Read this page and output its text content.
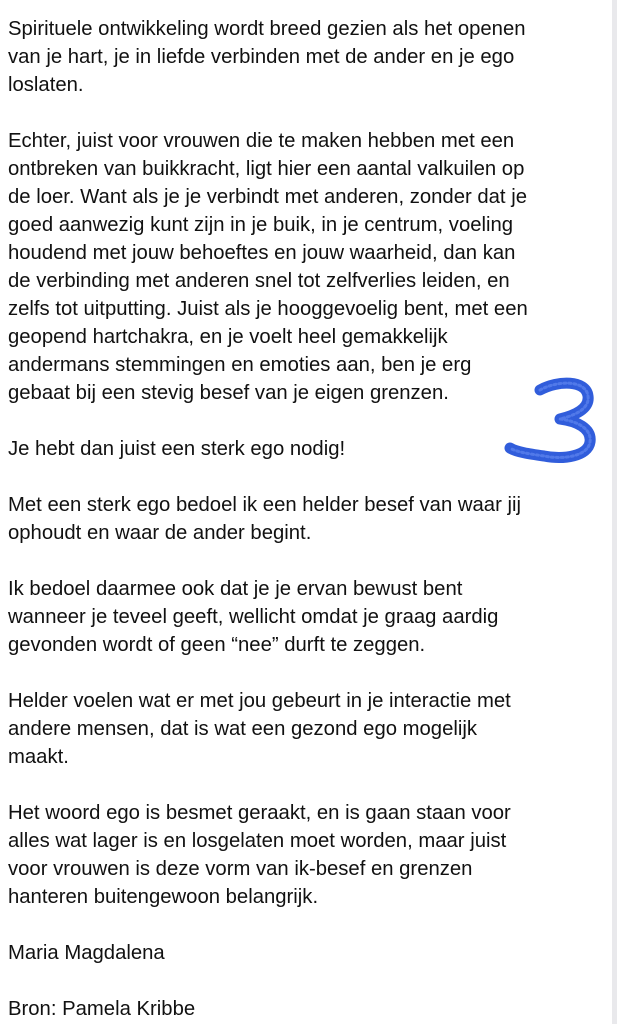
Spirituele ontwikkeling wordt breed gezien als het openen
van je hart, je in liefde verbinden met de ander en je ego
loslaten.

Echter, juist voor vrouwen die te maken hebben met een
ontbreken van buikkracht, ligt hier een aantal valkuilen op
de loer. Want als je je verbindt met anderen, zonder dat je
goed aanwezig kunt zijn in je buik, in je centrum, voeling
houdend met jouw behoeftes en jouw waarheid, dan kan
de verbinding met anderen snel tot zelfverlies leiden, en
zelfs tot uitputting. Juist als je hooggevoelig bent, met een
geopend hartchakra, en je voelt heel gemakkelijk
andermans stemmingen en emoties aan, ben je erg
gebaat bij een stevig besef van je eigen grenzen.

Je hebt dan juist een sterk ego nodig!

Met een sterk ego bedoel ik een helder besef van waar jij
ophoudt en waar de ander begint.

Ik bedoel daarmee ook dat je je ervan bewust bent
wanneer je teveel geeft, wellicht omdat je graag aardig
gevonden wordt of geen “nee” durft te zeggen.

Helder voelen wat er met jou gebeurt in je interactie met
andere mensen, dat is wat een gezond ego mogelijk
maakt.

Het woord ego is besmet geraakt, en is gaan staan voor
alles wat lager is en losgelaten moet worden, maar juist
voor vrouwen is deze vorm van ik-besef en grenzen
hanteren buitengewoon belangrijk.

Maria Magdalena

Bron: Pamela Kribbe
